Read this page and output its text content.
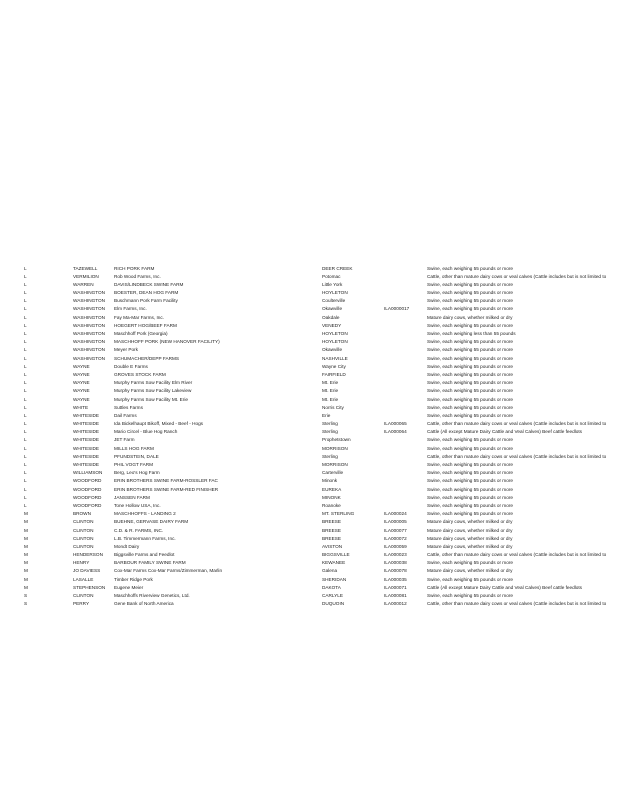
L	TAZEWELL	RICH PORK FARM	DEER CREEK		Swine, each weighing 55 pounds or more
L	VERMILION	Rob Wood Farms, Inc.	Potomac		Cattle, other than mature dairy cows or veal calves (Cattle includes but is not limited to
L	WARREN	DAVIS/LINDBECK SWINE FARM	Little York		Swine, each weighing 55 pounds or more
L	WASHINGTON	BOESTER, DEAN HOG FARM	HOYLETON		Swine, each weighing 55 pounds or more
L	WASHINGTON	Buschmann Pork Farm Facility	Coulterville		Swine, each weighing 55 pounds or more
L	WASHINGTON	Elm Farms, Inc.	Okawville	ILA0000017	Swine, each weighing 55 pounds or more
L	WASHINGTON	Fay Ma-Mar Farms, Inc.	Oakdale		Mature dairy cows, whether milked or dry
L	WASHINGTON	HOEGERT HOG/BEEF FARM	VENEDY		Swine, each weighing 55 pounds or more
L	WASHINGTON	Maschhoff Pork (Georgia)	HOYLETON		Swine, each weighing less than 55 pounds
L	WASHINGTON	MASCHHOFF PORK (NEW HANOVER FACILITY)	HOYLETON		Swine, each weighing 55 pounds or more
L	WASHINGTON	Meyer Pork	Okawville		Swine, each weighing 55 pounds or more
L	WASHINGTON	SCHUMACHER/DEPP FARMS	NASHVILLE		Swine, each weighing 55 pounds or more
L	WAYNE	Double E Farms	Wayne City		Swine, each weighing 55 pounds or more
L	WAYNE	GROVES STOCK FARM	FAIRFIELD		Swine, each weighing 55 pounds or more
L	WAYNE	Murphy Farms Sow Facility Elm River	Mt. Erie		Swine, each weighing 55 pounds or more
L	WAYNE	Murphy Farms Sow Facility Lakeview	Mt. Erie		Swine, each weighing 55 pounds or more
L	WAYNE	Murphy Farms Sow Facility Mt. Erie	Mt. Erie		Swine, each weighing 55 pounds or more
L	WHITE	Suttles Farms	Norris City		Swine, each weighing 55 pounds or more
L	WHITESIDE	Dail Farms	Erie		Swine, each weighing 55 pounds or more
L	WHITESIDE	Ida Bickelhaupt Bikoff, Mixed - Beef - Hogs	Sterling	ILA000065	Cattle, other than mature dairy cows or veal calves (Cattle includes but is not limited to
L	WHITESIDE	Mario Circel - Blue Hog Ranch	Sterling	ILA000064	Cattle (All except Mature Dairy Cattle and Veal Calves) Beef cattle feedlots
L	WHITESIDE	JET Farm	Prophetstown		Swine, each weighing 55 pounds or more
L	WHITESIDE	MILLS HOG FARM	MORRISON		Swine, each weighing 55 pounds or more
L	WHITESIDE	PFUNDSTEIN, DALE	Sterling		Cattle, other than mature dairy cows or veal calves (Cattle includes but is not limited to
L	WHITESIDE	PHIL VOGT FARM	MORRISON		Swine, each weighing 55 pounds or more
L	WILLIAMSON	Berg, Leo's Hog Farm	Carterville		Swine, each weighing 55 pounds or more
L	WOODFORD	ERIN BROTHERS SWINE FARM-ROSSLER FAC	Minonk		Swine, each weighing 55 pounds or more
L	WOODFORD	ERIN BROTHERS SWINE FARM-RED FINISHER	EUREKA		Swine, each weighing 55 pounds or more
L	WOODFORD	JANSSEN FARM	MINONK		Swine, each weighing 55 pounds or more
L	WOODFORD	Tone Hollow USA, Inc.	Roanoke		Swine, each weighing 55 pounds or more
M	BROWN	MASCHHOFFS - LANDING 2	MT. STERLING	ILA000024	Swine, each weighing 55 pounds or more
M	CLINTON	BUEHNE, GERVASE DAIRY FARM	BREESE	ILA000005	Mature dairy cows, whether milked or dry
M	CLINTON	C.D. & R. FARMS, INC.	BREESE	ILA000077	Mature dairy cows, whether milked or dry
M	CLINTON	L.B. Timmermann Farms, Inc.	BREESE	ILA000072	Mature dairy cows, whether milked or dry
M	CLINTON	Mondt Dairy	AVISTON	ILA000059	Mature dairy cows, whether milked or dry
M	HENDERSON	Biggsville Farms and Feedlot	BIGGSVILLE	ILA000023	Cattle, other than mature dairy cows or veal calves (Cattle includes but is not limited to
M	HENRY	BARBOUR FAMILY SWINE FARM	KEWANEE	ILA000038	Swine, each weighing 55 pounds or more
M	JO DAVIESS	Cox-Mar Farms Cox-Mar Farms/Zimmerman, Marlin	Galena	ILA000078	Mature dairy cows, whether milked or dry
M	LASALLE	Timber Ridge Pork	SHERIDAN	ILA000035	Swine, each weighing 55 pounds or more
M	STEPHENSON	Eugene Meier	DAKOTA	ILA000071	Cattle (All except Mature Dairy Cattle and Veal Calves) Beef cattle feedlots
S	CLINTON	Maschhoffs Riverview Genetics, Ltd.	CARLYLE	ILA000081	Swine, each weighing 55 pounds or more
S	PERRY	Gene Bank of North America	DUQUOIN	ILA000012	Cattle, other than mature dairy cows or veal calves (Cattle includes but is not limited to
